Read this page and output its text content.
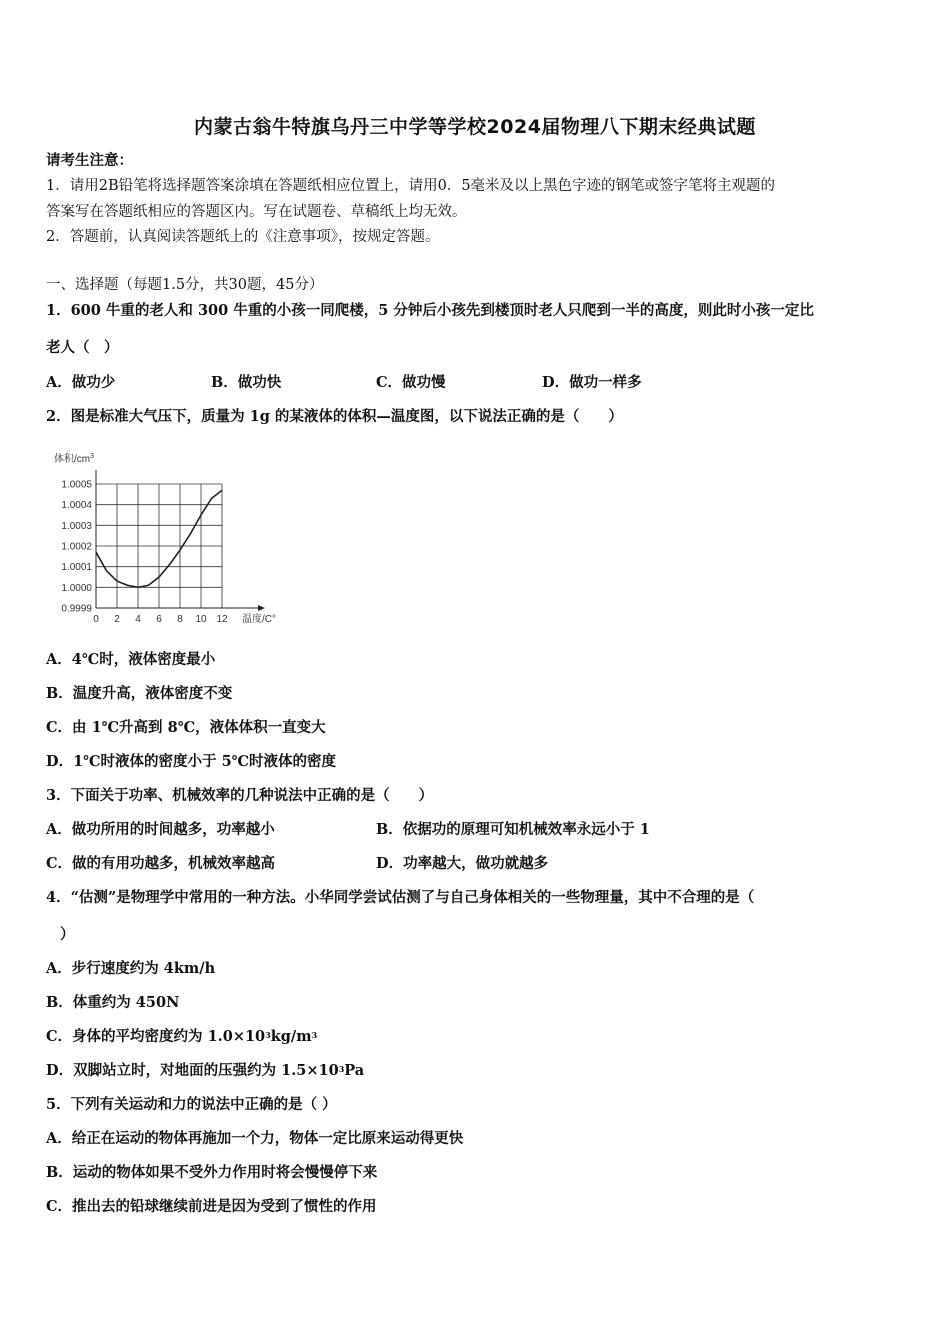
内蒙古翁牛特旗乌丹三中学等学校2024届物理八下期末经典试题
请考生注意：
1．请用2B铅笔将选择题答案涂填在答题纸相应位置上，请用0．5毫米及以上黑色字迹的钢笔或签字笔将主观题的
答案写在答题纸相应的答题区内。写在试题卷、草稿纸上均无效。
2．答题前，认真阅读答题纸上的《注意事项》，按规定答题。
一、选择题（每题1.5分，共30题，45分）
1．600 牛重的老人和 300 牛重的小孩一同爬楼，5 分钟后小孩先到楼顶时老人只爬到一半的高度，则此时小孩一定比
老人（　）
A．做功少	B．做功快	C．做功慢	D．做功一样多
2．图是标准大气压下，质量为 1g 的某液体的体积—温度图，以下说法正确的是（　　）
1.0005
1.0004
1.0003
1.0002
1.0001
1.0000
0.9999
0 2 4 6 8 10 12
体积$/cm^3$
温度/C°
A．4℃时，液体密度最小
B．温度升高，液体密度不变
C．由 1℃升高到 8℃，液体体积一直变大
D．1℃时液体的密度小于 5℃时液体的密度
3．下面关于功率、机械效率的几种说法中正确的是（　　）
A．做功所用的时间越多，功率越小	B．依据功的原理可知机械效率永远小于 1
C．做的有用功越多，机械效率越高	D．功率越大，做功就越多
4．“估测”是物理学中常用的一种方法。小华同学尝试估测了与自己身体相关的一些物理量，其中不合理的是（
）
A．步行速度约为 4km/h
B．体重约为 450N
C．身体的平均密度约为 $1.0\times 10^3kg/m^3$
D．双脚站立时，对地面的压强约为 $1.5\times 10^3Pa$
5．下列有关运动和力的说法中正确的是（ ）
A．给正在运动的物体再施加一个力，物体一定比原来运动得更快
B．运动的物体如果不受外力作用时将会慢慢停下来
C．推出去的铅球继续前进是因为受到了惯性的作用
